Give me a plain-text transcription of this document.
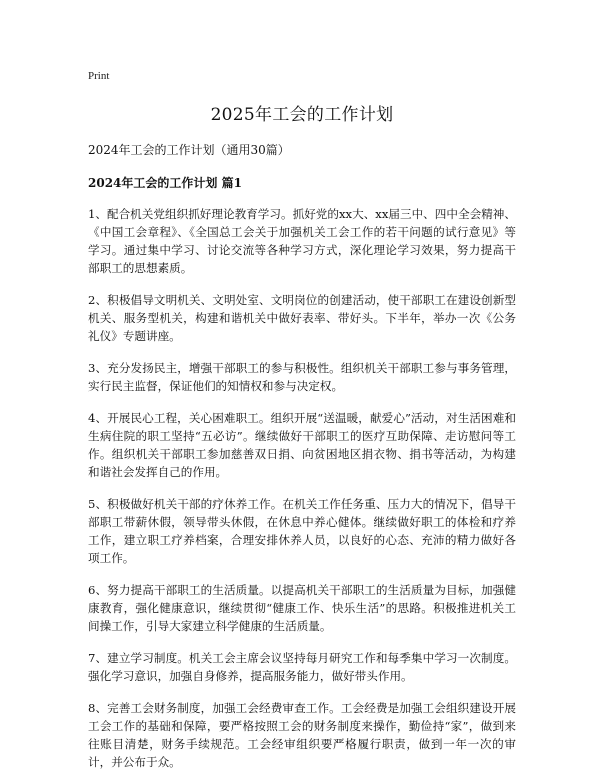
Print
2025年工会的工作计划

2024年工会的工作计划（通用30篇）

2024年工会的工作计划 篇1

1、配合机关党组织抓好理论教育学习。抓好党的xx大、xx届三中、四中全会精神、《中国工会章程》、《全国总工会关于加强机关工会工作的若干问题的试行意见》等学习。通过集中学习、讨论交流等各种学习方式，深化理论学习效果，努力提高干部职工的思想素质。

2、积极倡导文明机关、文明处室、文明岗位的创建活动，使干部职工在建设创新型机关、服务型机关，构建和谐机关中做好表率、带好头。下半年，举办一次《公务礼仪》专题讲座。

3、充分发扬民主，增强干部职工的参与积极性。组织机关干部职工参与事务管理，实行民主监督，保证他们的知情权和参与决定权。

4、开展民心工程，关心困难职工。组织开展“送温暖，献爱心”活动，对生活困难和生病住院的职工坚持“五必访”。继续做好干部职工的医疗互助保障、走访慰问等工作。组织机关干部职工参加慈善双日捐、向贫困地区捐衣物、捐书等活动，为构建和谐社会发挥自己的作用。

5、积极做好机关干部的疗休养工作。在机关工作任务重、压力大的情况下，倡导干部职工带薪休假，领导带头休假，在休息中养心健体。继续做好职工的体检和疗养工作，建立职工疗养档案，合理安排休养人员，以良好的心态、充沛的精力做好各项工作。

6、努力提高干部职工的生活质量。以提高机关干部职工的生活质量为目标，加强健康教育，强化健康意识，继续贯彻“健康工作、快乐生活”的思路。积极推进机关工间操工作，引导大家建立科学健康的生活质量。

7、建立学习制度。机关工会主席会议坚持每月研究工作和每季集中学习一次制度。强化学习意识，加强自身修养，提高服务能力，做好带头作用。

8、完善工会财务制度，加强工会经费审查工作。工会经费是加强工会组织建设开展工会工作的基础和保障，要严格按照工会的财务制度来操作，勤俭持“家”，做到来往账目清楚，财务手续规范。工会经审组织要严格履行职责，做到一年一次的审计，并公布于众。
